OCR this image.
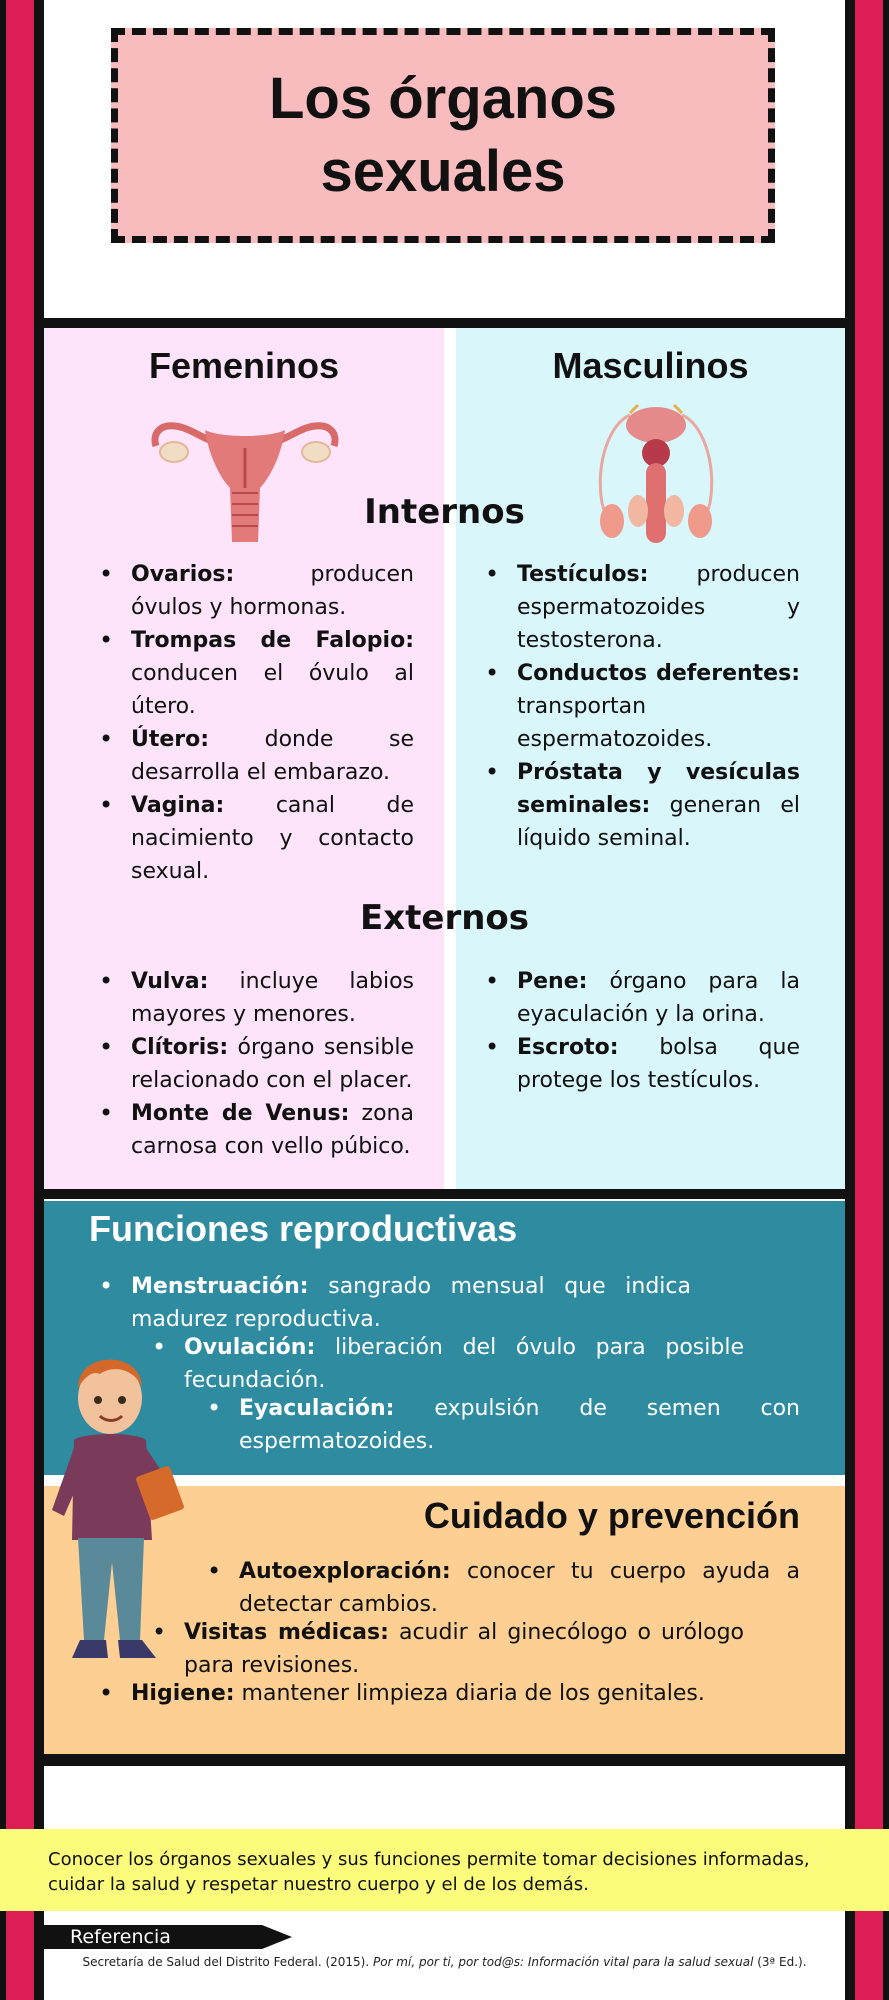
Los órganos sexuales
Femeninos	Masculinos
Internos
• Ovarios: producen óvulos y hormonas.
• Trompas de Falopio: conducen el óvulo al útero.
• Útero: donde se desarrolla el embarazo.
• Vagina: canal de nacimiento y contacto sexual.
• Testículos: producen espermatozoides y testosterona.
• Conductos deferentes: transportan espermatozoides.
• Próstata y vesículas seminales: generan el líquido seminal.
Externos
• Vulva: incluye labios mayores y menores.
• Clítoris: órgano sensible relacionado con el placer.
• Monte de Venus: zona carnosa con vello púbico.
• Pene: órgano para la eyaculación y la orina.
• Escroto: bolsa que protege los testículos.
Funciones reproductivas
• Menstruación: sangrado mensual que indica madurez reproductiva.
• Ovulación: liberación del óvulo para posible fecundación.
• Eyaculación: expulsión de semen con espermatozoides.
Cuidado y prevención
• Autoexploración: conocer tu cuerpo ayuda a detectar cambios.
• Visitas médicas: acudir al ginecólogo o urólogo para revisiones.
• Higiene: mantener limpieza diaria de los genitales.

Conocer los órganos sexuales y sus funciones permite tomar decisiones informadas, cuidar la salud y respetar nuestro cuerpo y el de los demás.

Referencia
Secretaría de Salud del Distrito Federal. (2015). Por mí, por ti, por tod@s: Información vital para la salud sexual (3ª Ed.).
